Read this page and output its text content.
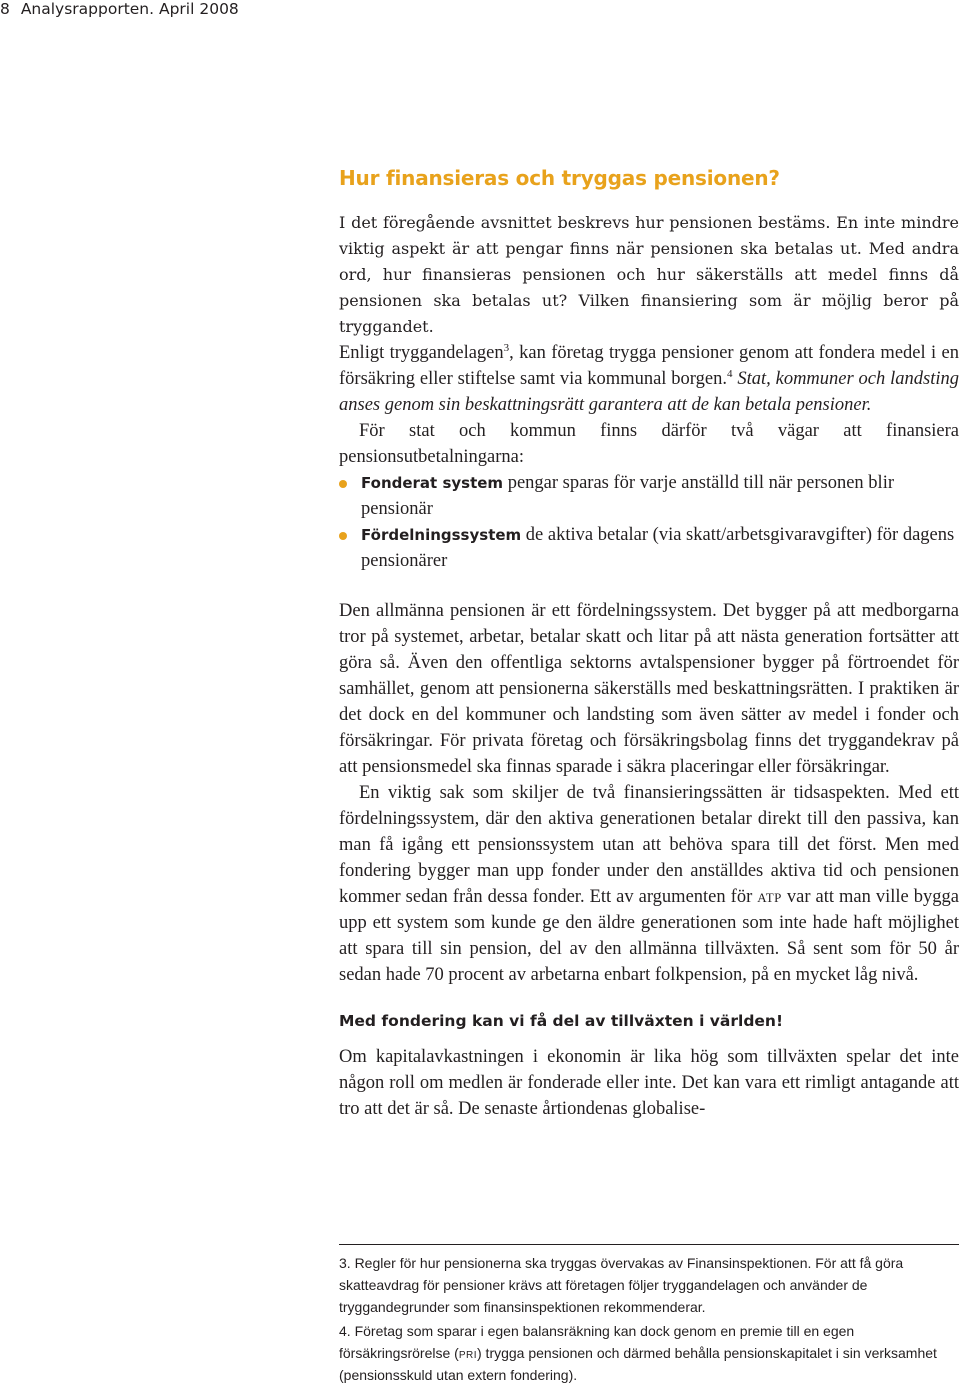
8 Analysrapporten. April 2008
Hur finansieras och tryggas pensionen?

I det föregående avsnittet beskrevs hur pensionen bestäms. En inte mindre viktig aspekt är att pengar finns när pensionen ska betalas ut. Med andra ord, hur finansieras pensionen och hur säkerställs att medel finns då pensionen ska betalas ut? Vilken finansiering som är möjlig beror på tryggandet.

Enligt tryggandelagen$^3$, kan företag trygga pensioner genom att fondera medel i en försäkring eller stiftelse samt via kommunal borgen.$^4$ Stat, kommuner och landsting anses genom sin beskattningsrätt garantera att de kan betala pensioner.

För stat och kommun finns därför två vägar att finansiera pensionsutbetalningarna:

Fonderat system pengar sparas för varje anställd till när personen blir pensionär
Fördelningssystem de aktiva betalar (via skatt/arbetsgivaravgifter) för dagens pensionärer

Den allmänna pensionen är ett fördelningssystem. Det bygger på att medborgarna tror på systemet, arbetar, betalar skatt och litar på att nästa generation fortsätter att göra så. Även den offentliga sektorns avtalspensioner bygger på förtroendet för samhället, genom att pensionerna säkerställs med beskattningsrätten. I praktiken är det dock en del kommuner och landsting som även sätter av medel i fonder och försäkringar. För privata företag och försäkringsbolag finns det tryggandekrav på att pensionsmedel ska finnas sparade i säkra placeringar eller försäkringar.

En viktig sak som skiljer de två finansieringssätten är tidsaspekten. Med ett fördelningssystem, där den aktiva generationen betalar direkt till den passiva, kan man få igång ett pensionssystem utan att behöva spara till det först. Men med fondering bygger man upp fonder under den anställdes aktiva tid och pensionen kommer sedan från dessa fonder. Ett av argumenten för atp var att man ville bygga upp ett system som kunde ge den äldre generationen som inte hade haft möjlighet att spara till sin pension, del av den allmänna tillväxten. Så sent som för 50 år sedan hade 70 procent av arbetarna enbart folkpension, på en mycket låg nivå.

Med fondering kan vi få del av tillväxten i världen!

Om kapitalavkastningen i ekonomin är lika hög som tillväxten spelar det inte någon roll om medlen är fonderade eller inte. Det kan vara ett rimligt antagande att tro att det är så. De senaste årtiondenas globalise-

3. Regler för hur pensionerna ska tryggas övervakas av Finansinspektionen. För att få göra skatteavdrag för pensioner krävs att företagen följer tryggandelagen och använder de tryggandegrunder som finansinspektionen rekommenderar.

4. Företag som sparar i egen balansräkning kan dock genom en premie till en egen försäkringsrörelse (pri) trygga pensionen och därmed behålla pensionskapitalet i sin verksamhet (pensionsskuld utan extern fondering).
